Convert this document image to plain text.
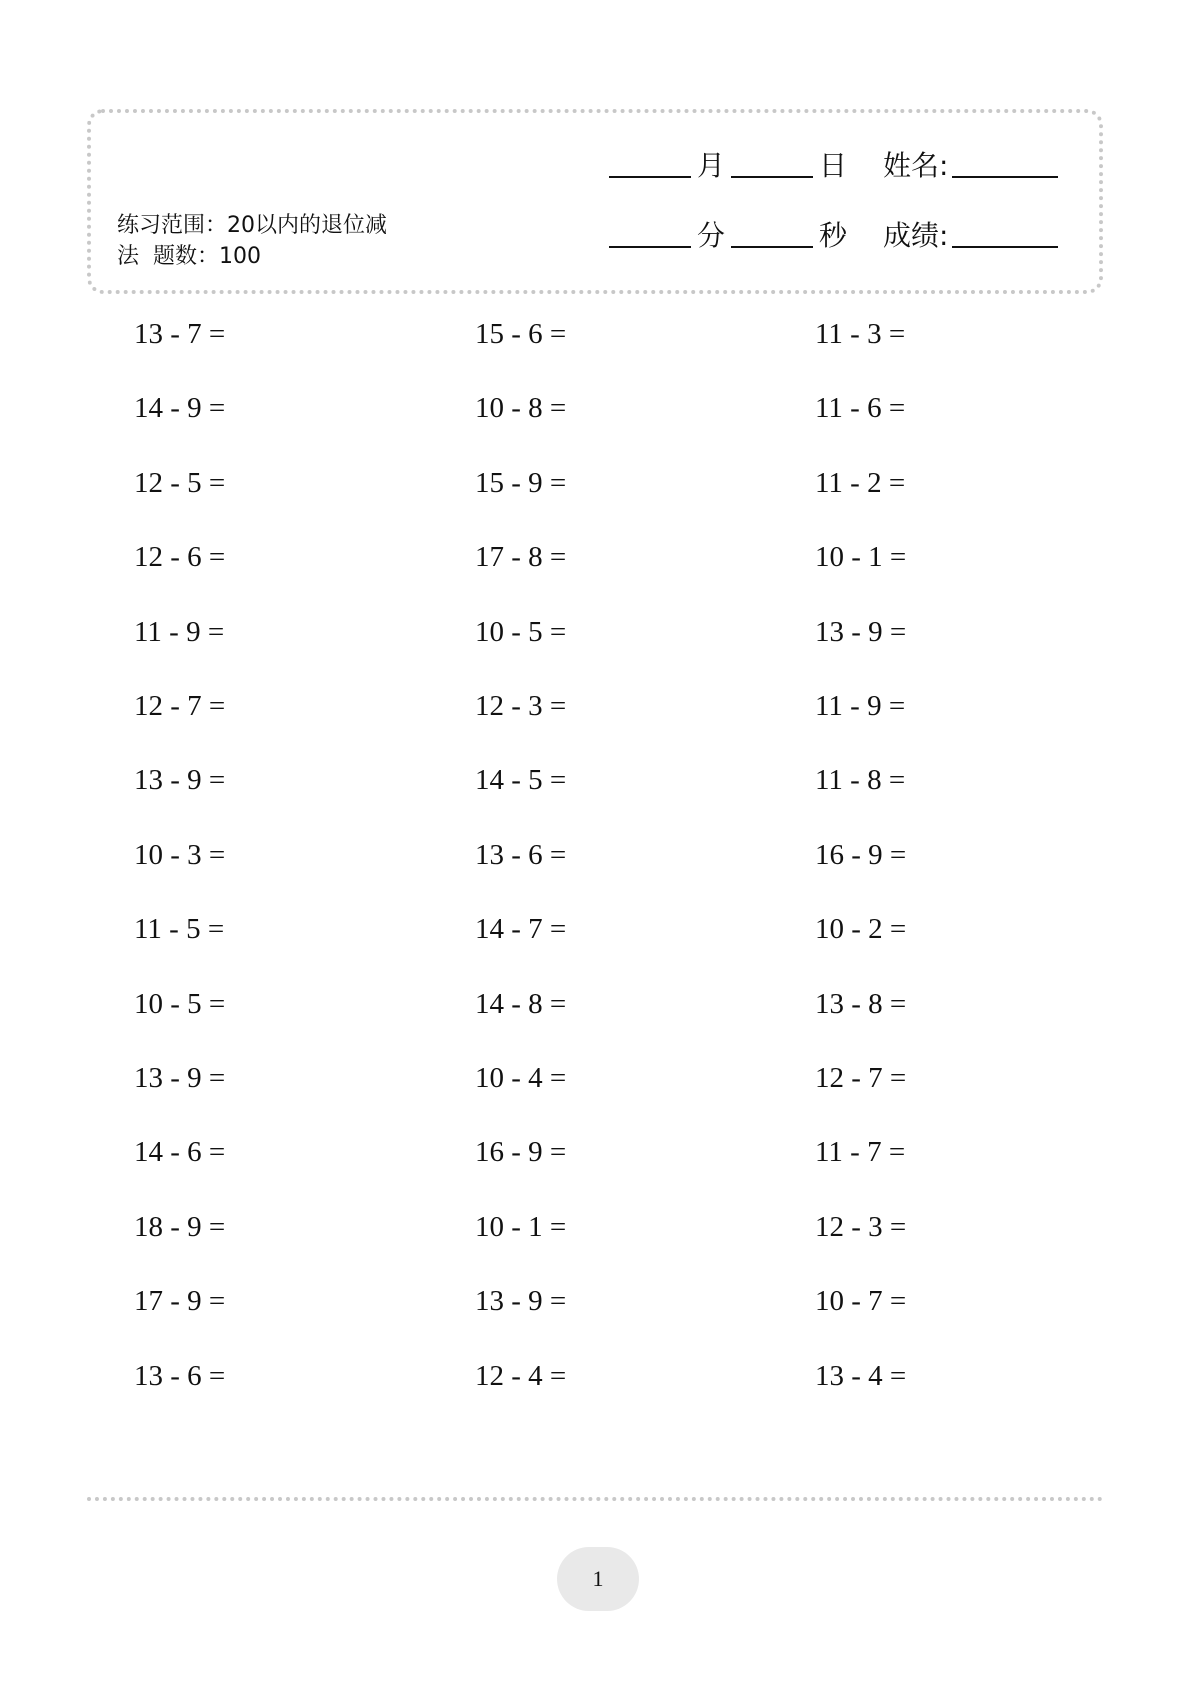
练习范围：20以内的退位减
法  题数：100
月	日 姓名:
分	秒 成绩:
13 - 7 =
14 - 9 =
12 - 5 =
12 - 6 =
11 - 9 =
12 - 7 =
13 - 9 =
10 - 3 =
11 - 5 =
10 - 5 =
13 - 9 =
14 - 6 =
18 - 9 =
17 - 9 =
13 - 6 =
15 - 6 =
10 - 8 =
15 - 9 =
17 - 8 =
10 - 5 =
12 - 3 =
14 - 5 =
13 - 6 =
14 - 7 =
14 - 8 =
10 - 4 =
16 - 9 =
10 - 1 =
13 - 9 =
12 - 4 =
11 - 3 =
11 - 6 =
11 - 2 =
10 - 1 =
13 - 9 =
11 - 9 =
11 - 8 =
16 - 9 =
10 - 2 =
13 - 8 =
12 - 7 =
11 - 7 =
12 - 3 =
10 - 7 =
13 - 4 =
1
